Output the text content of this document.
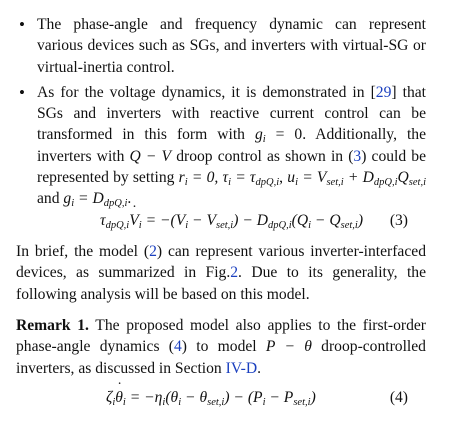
• The phase-angle and frequency dynamic can represent various devices such as SGs, and inverters with virtual-SG or virtual-inertia control.
• As for the voltage dynamics, it is demonstrated in [29] that SGs and inverters with reactive current control can be transformed in this form with $g_i = 0$. Additionally, the inverters with Q − V droop control as shown in (3) could be represented by setting $r_i = 0$, $\tau_i = \tau_{dpQ,i}$, $u_i = V_{set,i} + D_{dpQ,i}Q_{set,i}$ and $g_i = D_{dpQ,i}$.
$\tau_{dpQ,i}V$ $˙_i = -(V_i - V_{set,i}) - D_{dpQ,i}(Q_i - Q_{set,i})$ (3)

In brief, the model (2) can represent various inverter-interfaced devices, as summarized in Fig.2. Due to its generality, the following analysis will be based on this model.

Remark 1. The proposed model also applies to the first-order phase-angle dynamics (4) to model P − θ droop-controlled inverters, as discussed in Section IV-D.

$\zeta_i\theta$ $˙_i = -\eta_i(\theta_i - \theta_{set,i}) - (P_i - P_{set,i})$	(4)
